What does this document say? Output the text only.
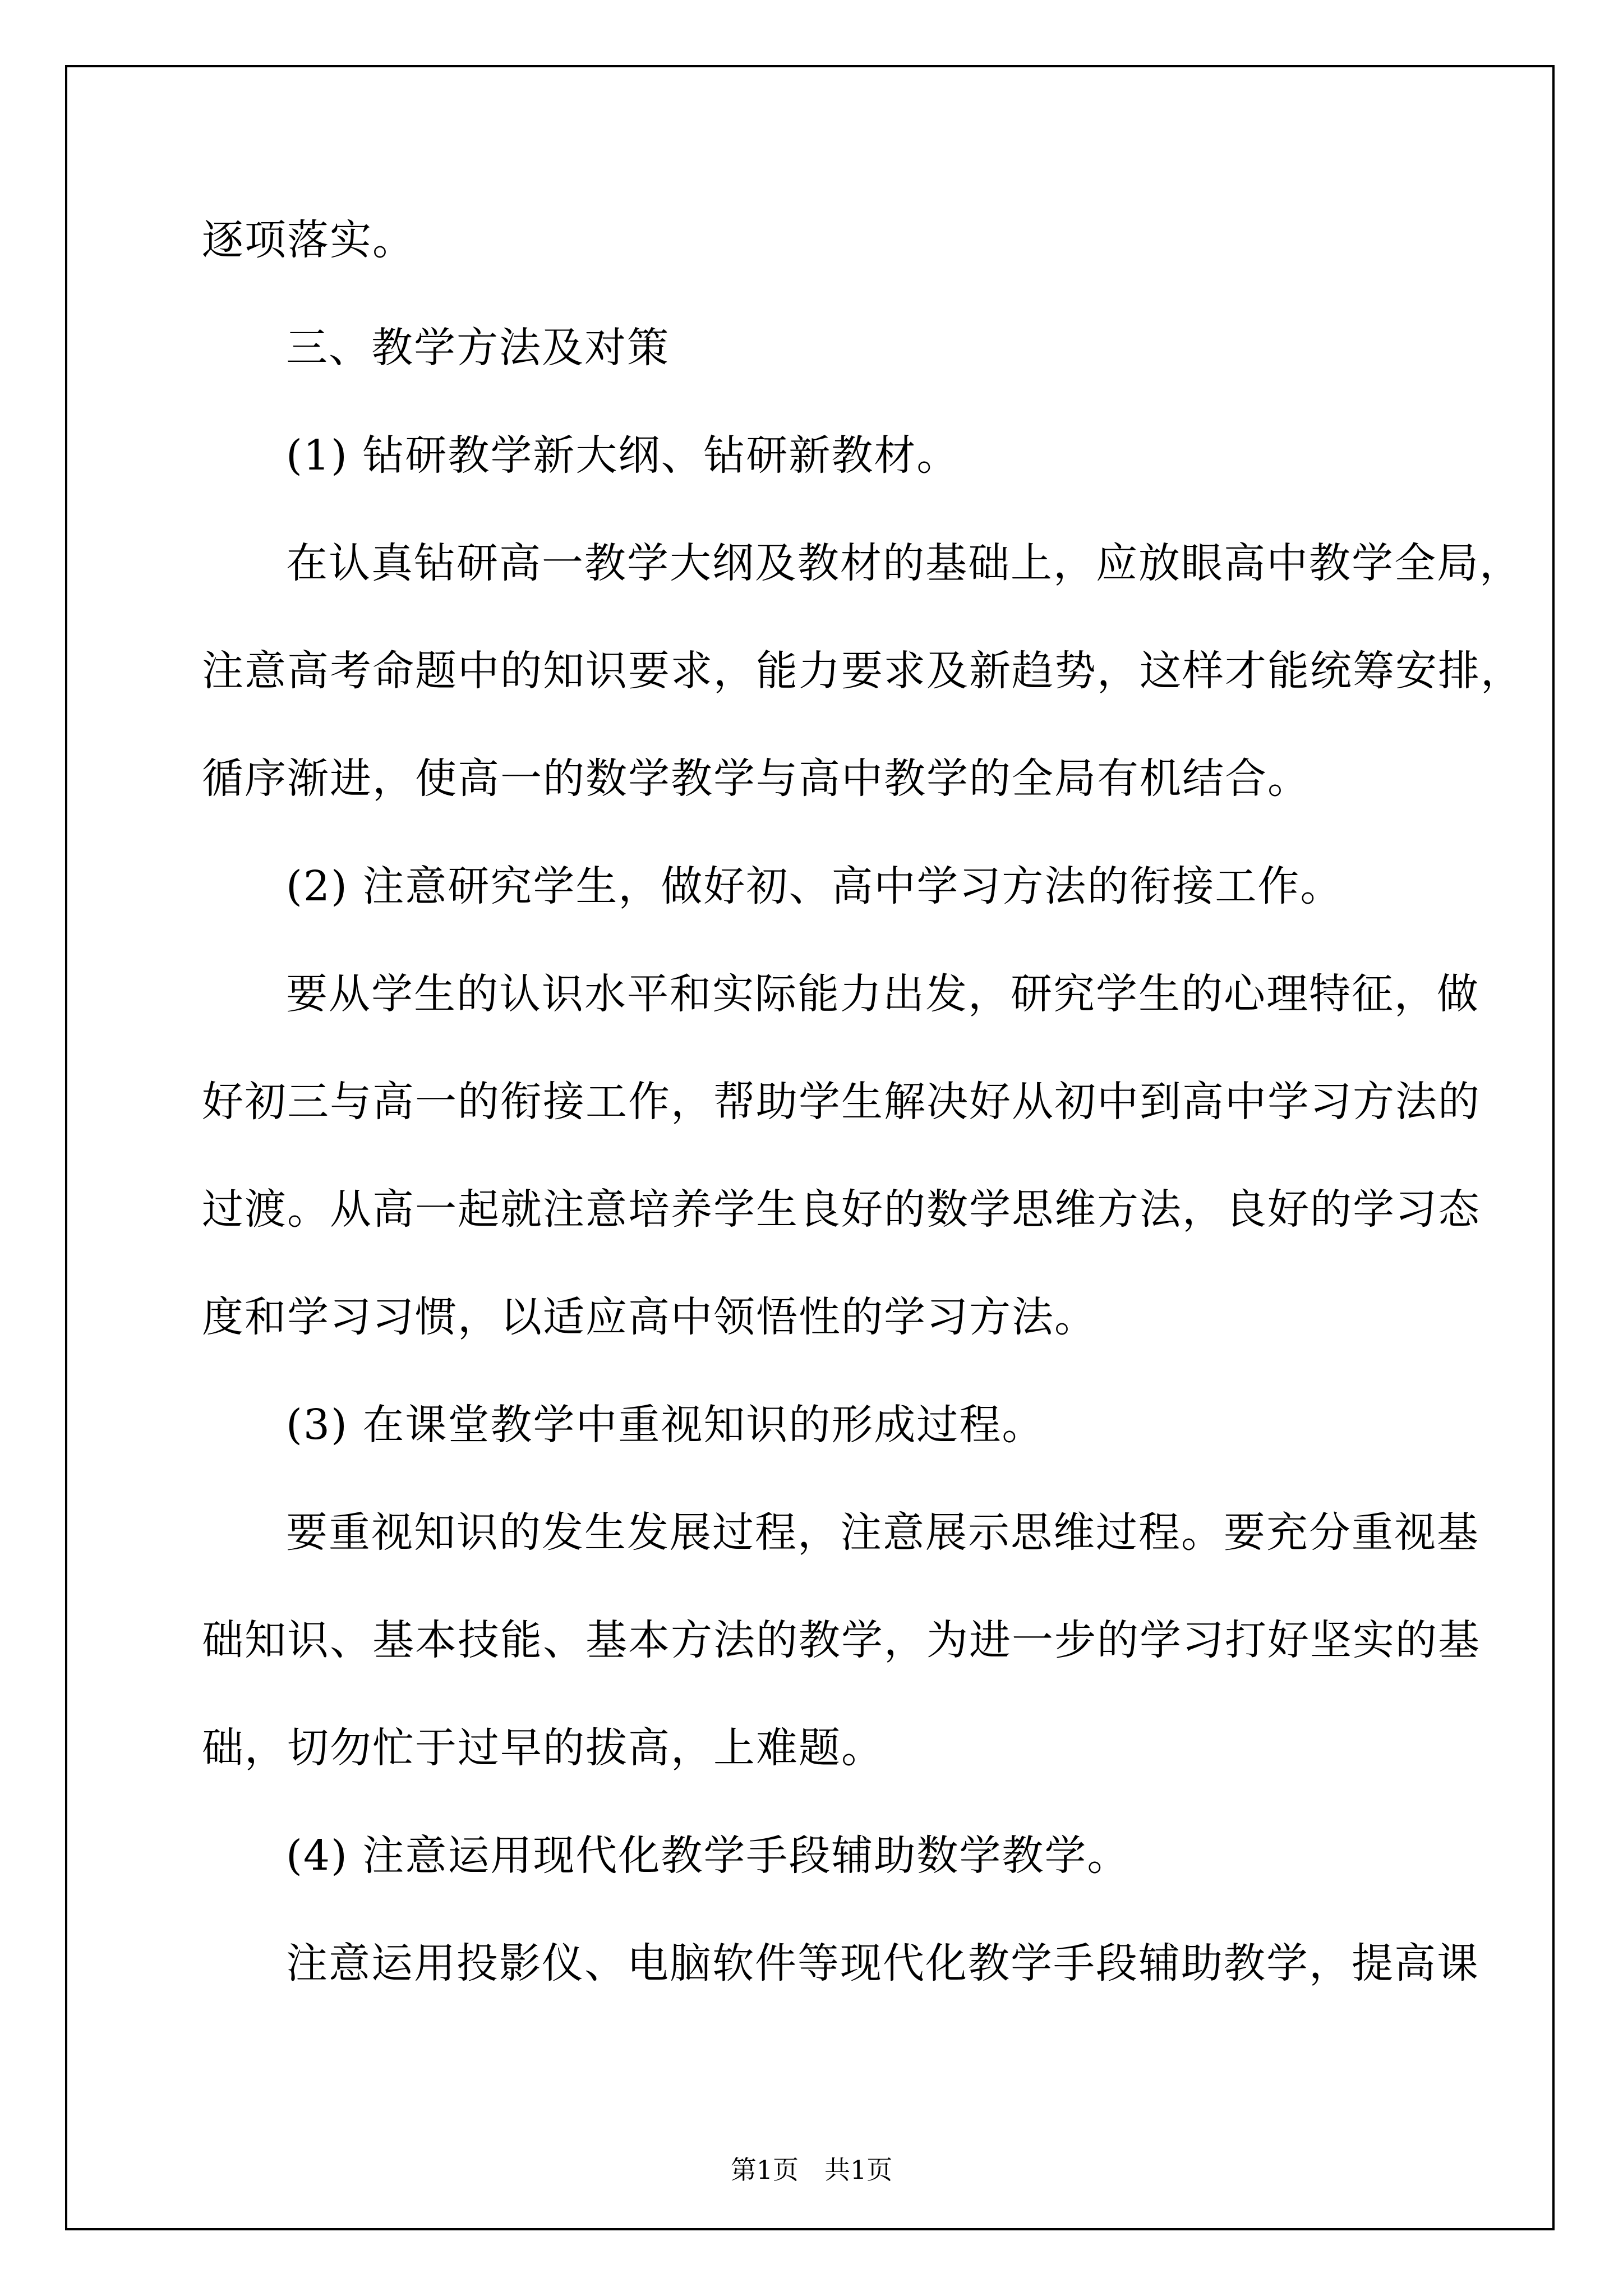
逐项落实。

三、教学方法及对策

(1) 钻研教学新大纲、钻研新教材。

在认真钻研高一教学大纲及教材的基础上，应放眼高中教学全局，

注意高考命题中的知识要求，能力要求及新趋势，这样才能统筹安排，

循序渐进，使高一的数学教学与高中教学的全局有机结合。

(2) 注意研究学生，做好初、高中学习方法的衔接工作。

要从学生的认识水平和实际能力出发，研究学生的心理特征，做

好初三与高一的衔接工作，帮助学生解决好从初中到高中学习方法的

过渡。从高一起就注意培养学生良好的数学思维方法，良好的学习态

度和学习习惯，以适应高中领悟性的学习方法。

(3) 在课堂教学中重视知识的形成过程。

要重视知识的发生发展过程，注意展示思维过程。要充分重视基

础知识、基本技能、基本方法的教学，为进一步的学习打好坚实的基

础，切勿忙于过早的拔高，上难题。

(4) 注意运用现代化教学手段辅助数学教学。

注意运用投影仪、电脑软件等现代化教学手段辅助教学，提高课

第1页　共1页
